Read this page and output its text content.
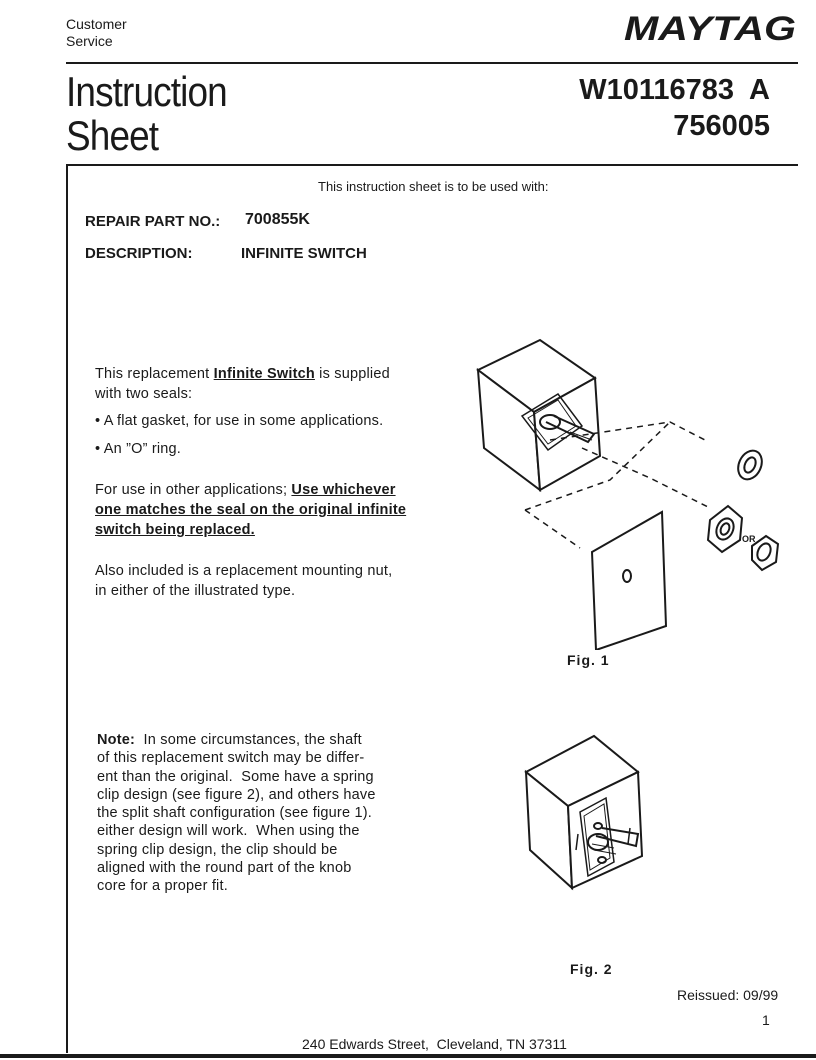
Customer
Service	MAYTAG
Instruction
Sheet
W10116783  A
756005
This instruction sheet is to be used with:
REPAIR PART NO.: 700855K
DESCRIPTION:	INFINITE SWITCH
This replacement Infinite Switch is supplied
with two seals:
• A flat gasket, for use in some applications.
• An ”O” ring.
For use in other applications; Use whichever
one matches the seal on the original infinite
switch being replaced.
Also included is a replacement mounting nut,
in either of the illustrated type.
OR
Fig. 1
Note:  In some circumstances, the shaft
of this replacement switch may be differ-
ent than the original.  Some have a spring
clip design (see figure 2), and others have
the split shaft configuration (see figure 1).
either design will work.  When using the
spring clip design, the clip should be
aligned with the round part of the knob
core for a proper fit.
Fig. 2
Reissued: 09/99
1
240 Edwards Street,  Cleveland, TN 37311
